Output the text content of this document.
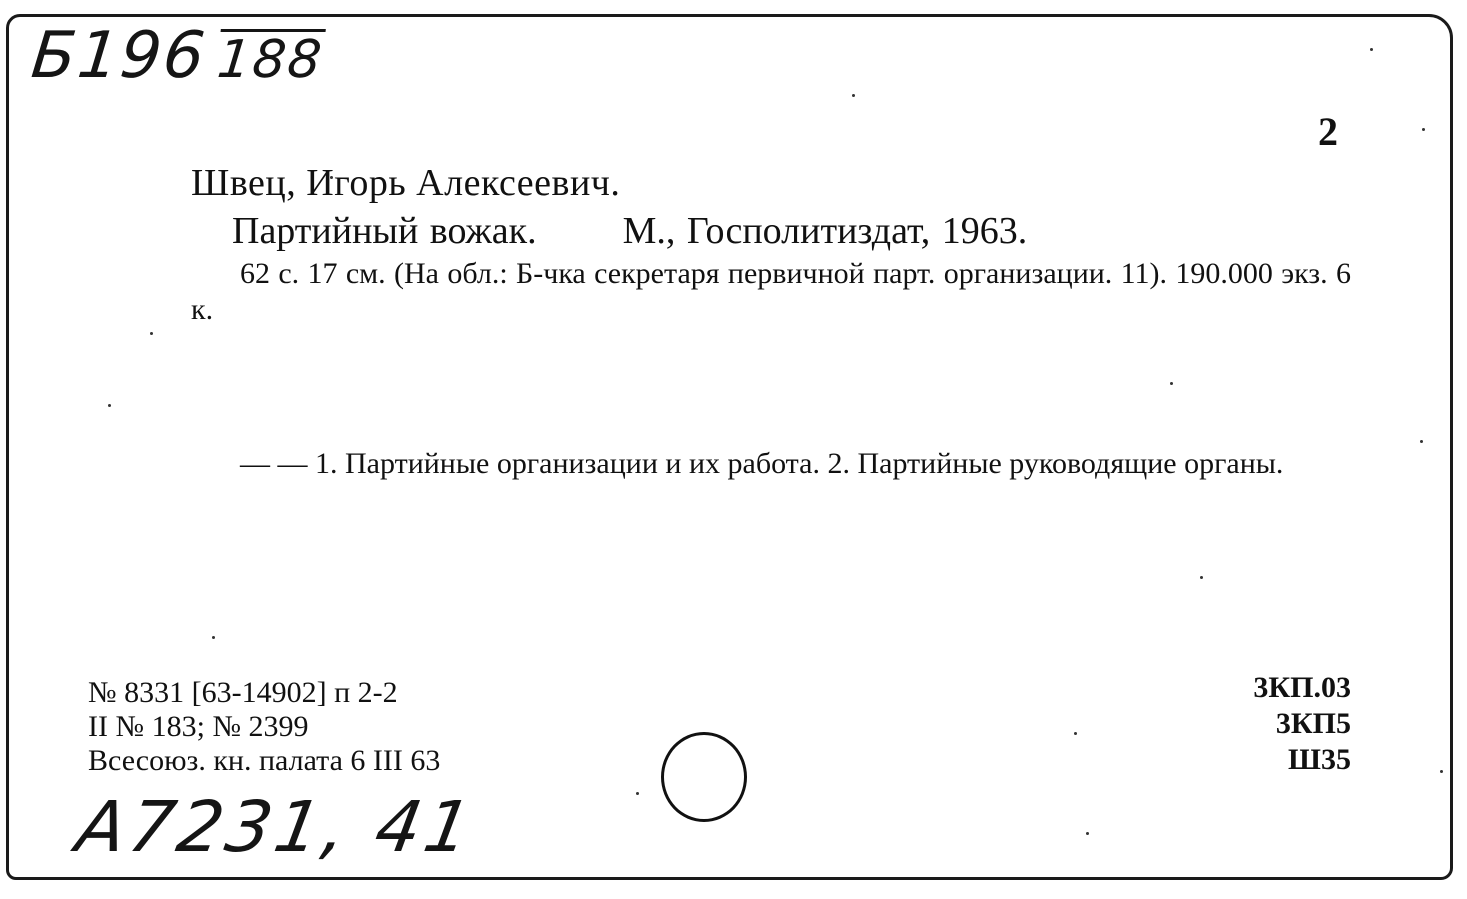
Б196188
2
Швец, Игорь Алексеевич.
Партийный вожак. М., Госполитиздат, 1963.

62 с. 17 см. (На обл.: Б-чка секретаря первичной парт. организации. 11). 190.000 экз. 6 к.

— — 1. Партийные организации и их работа. 2. Партийные руководящие органы.

№ 8331 [63-14902] п 2-2
II № 183; № 2399
Всесоюз. кн. палата 6 III 63
3КП.03
3КП5
Ш35
А7231, 41
